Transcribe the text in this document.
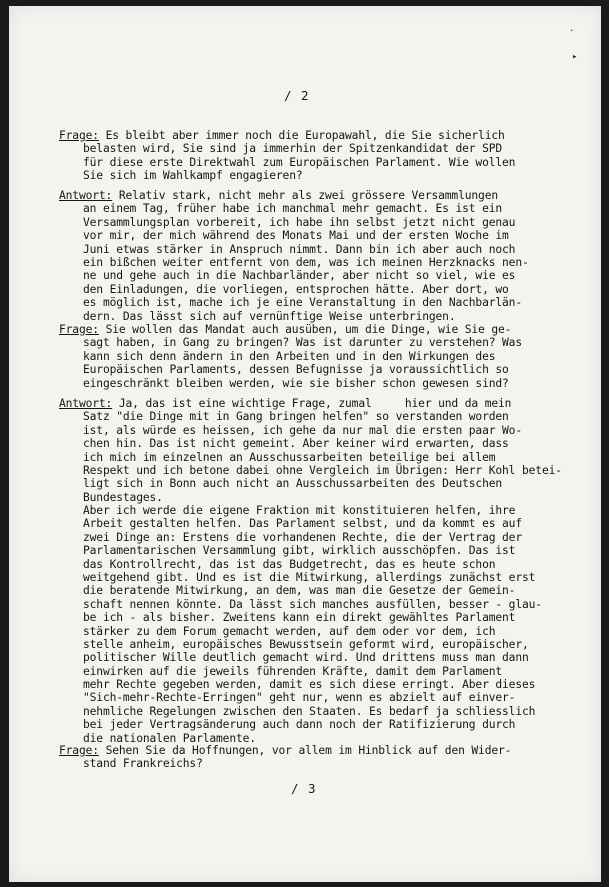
.
▸
/ 2
Frage: Es bleibt aber immer noch die Europawahl, die Sie sicherlich
belasten wird, Sie sind ja immerhin der Spitzenkandidat der SPD
für diese erste Direktwahl zum Europäischen Parlament. Wie wollen
Sie sich im Wahlkampf engagieren?
Antwort: Relativ stark, nicht mehr als zwei grössere Versammlungen
an einem Tag, früher habe ich manchmal mehr gemacht. Es ist ein
Versammlungsplan vorbereit, ich habe ihn selbst jetzt nicht genau
vor mir, der mich während des Monats Mai und der ersten Woche im
Juni etwas stärker in Anspruch nimmt. Dann bin ich aber auch noch
ein bißchen weiter entfernt von dem, was ich meinen Herzknacks nen-
ne und gehe auch in die Nachbarländer, aber nicht so viel, wie es
den Einladungen, die vorliegen, entsprochen hätte. Aber dort, wo
es möglich ist, mache ich je eine Veranstaltung in den Nachbarlän-
dern. Das lässt sich auf vernünftige Weise unterbringen.
Frage: Sie wollen das Mandat auch ausüben, um die Dinge, wie Sie ge-
sagt haben, in Gang zu bringen? Was ist darunter zu verstehen? Was
kann sich denn ändern in den Arbeiten und in den Wirkungen des
Europäischen Parlaments, dessen Befugnisse ja voraussichtlich so
eingeschränkt bleiben werden, wie sie bisher schon gewesen sind?
Antwort: Ja, das ist eine wichtige Frage, zumal     hier und da mein
Satz "die Dinge mit in Gang bringen helfen" so verstanden worden
ist, als würde es heissen, ich gehe da nur mal die ersten paar Wo-
chen hin. Das ist nicht gemeint. Aber keiner wird erwarten, dass
ich mich im einzelnen an Ausschussarbeiten beteilige bei allem
Respekt und ich betone dabei ohne Vergleich im Übrigen: Herr Kohl betei-
ligt sich in Bonn auch nicht an Ausschussarbeiten des Deutschen
Bundestages.
Aber ich werde die eigene Fraktion mit konstituieren helfen, ihre
Arbeit gestalten helfen. Das Parlament selbst, und da kommt es auf
zwei Dinge an: Erstens die vorhandenen Rechte, die der Vertrag der
Parlamentarischen Versammlung gibt, wirklich ausschöpfen. Das ist
das Kontrollrecht, das ist das Budgetrecht, das es heute schon
weitgehend gibt. Und es ist die Mitwirkung, allerdings zunächst erst
die beratende Mitwirkung, an dem, was man die Gesetze der Gemein-
schaft nennen könnte. Da lässt sich manches ausfüllen, besser - glau-
be ich - als bisher. Zweitens kann ein direkt gewähltes Parlament
stärker zu dem Forum gemacht werden, auf dem oder vor dem, ich
stelle anheim, europäisches Bewusstsein geformt wird, europäischer,
politischer Wille deutlich gemacht wird. Und drittens muss man dann
einwirken auf die jeweils führenden Kräfte, damit dem Parlament
mehr Rechte gegeben werden, damit es sich diese erringt. Aber dieses
"Sich-mehr-Rechte-Erringen" geht nur, wenn es abzielt auf einver-
nehmliche Regelungen zwischen den Staaten. Es bedarf ja schliesslich
bei jeder Vertragsänderung auch dann noch der Ratifizierung durch
die nationalen Parlamente.
Frage: Sehen Sie da Hoffnungen, vor allem im Hinblick auf den Wider-
stand Frankreichs?
/ 3
